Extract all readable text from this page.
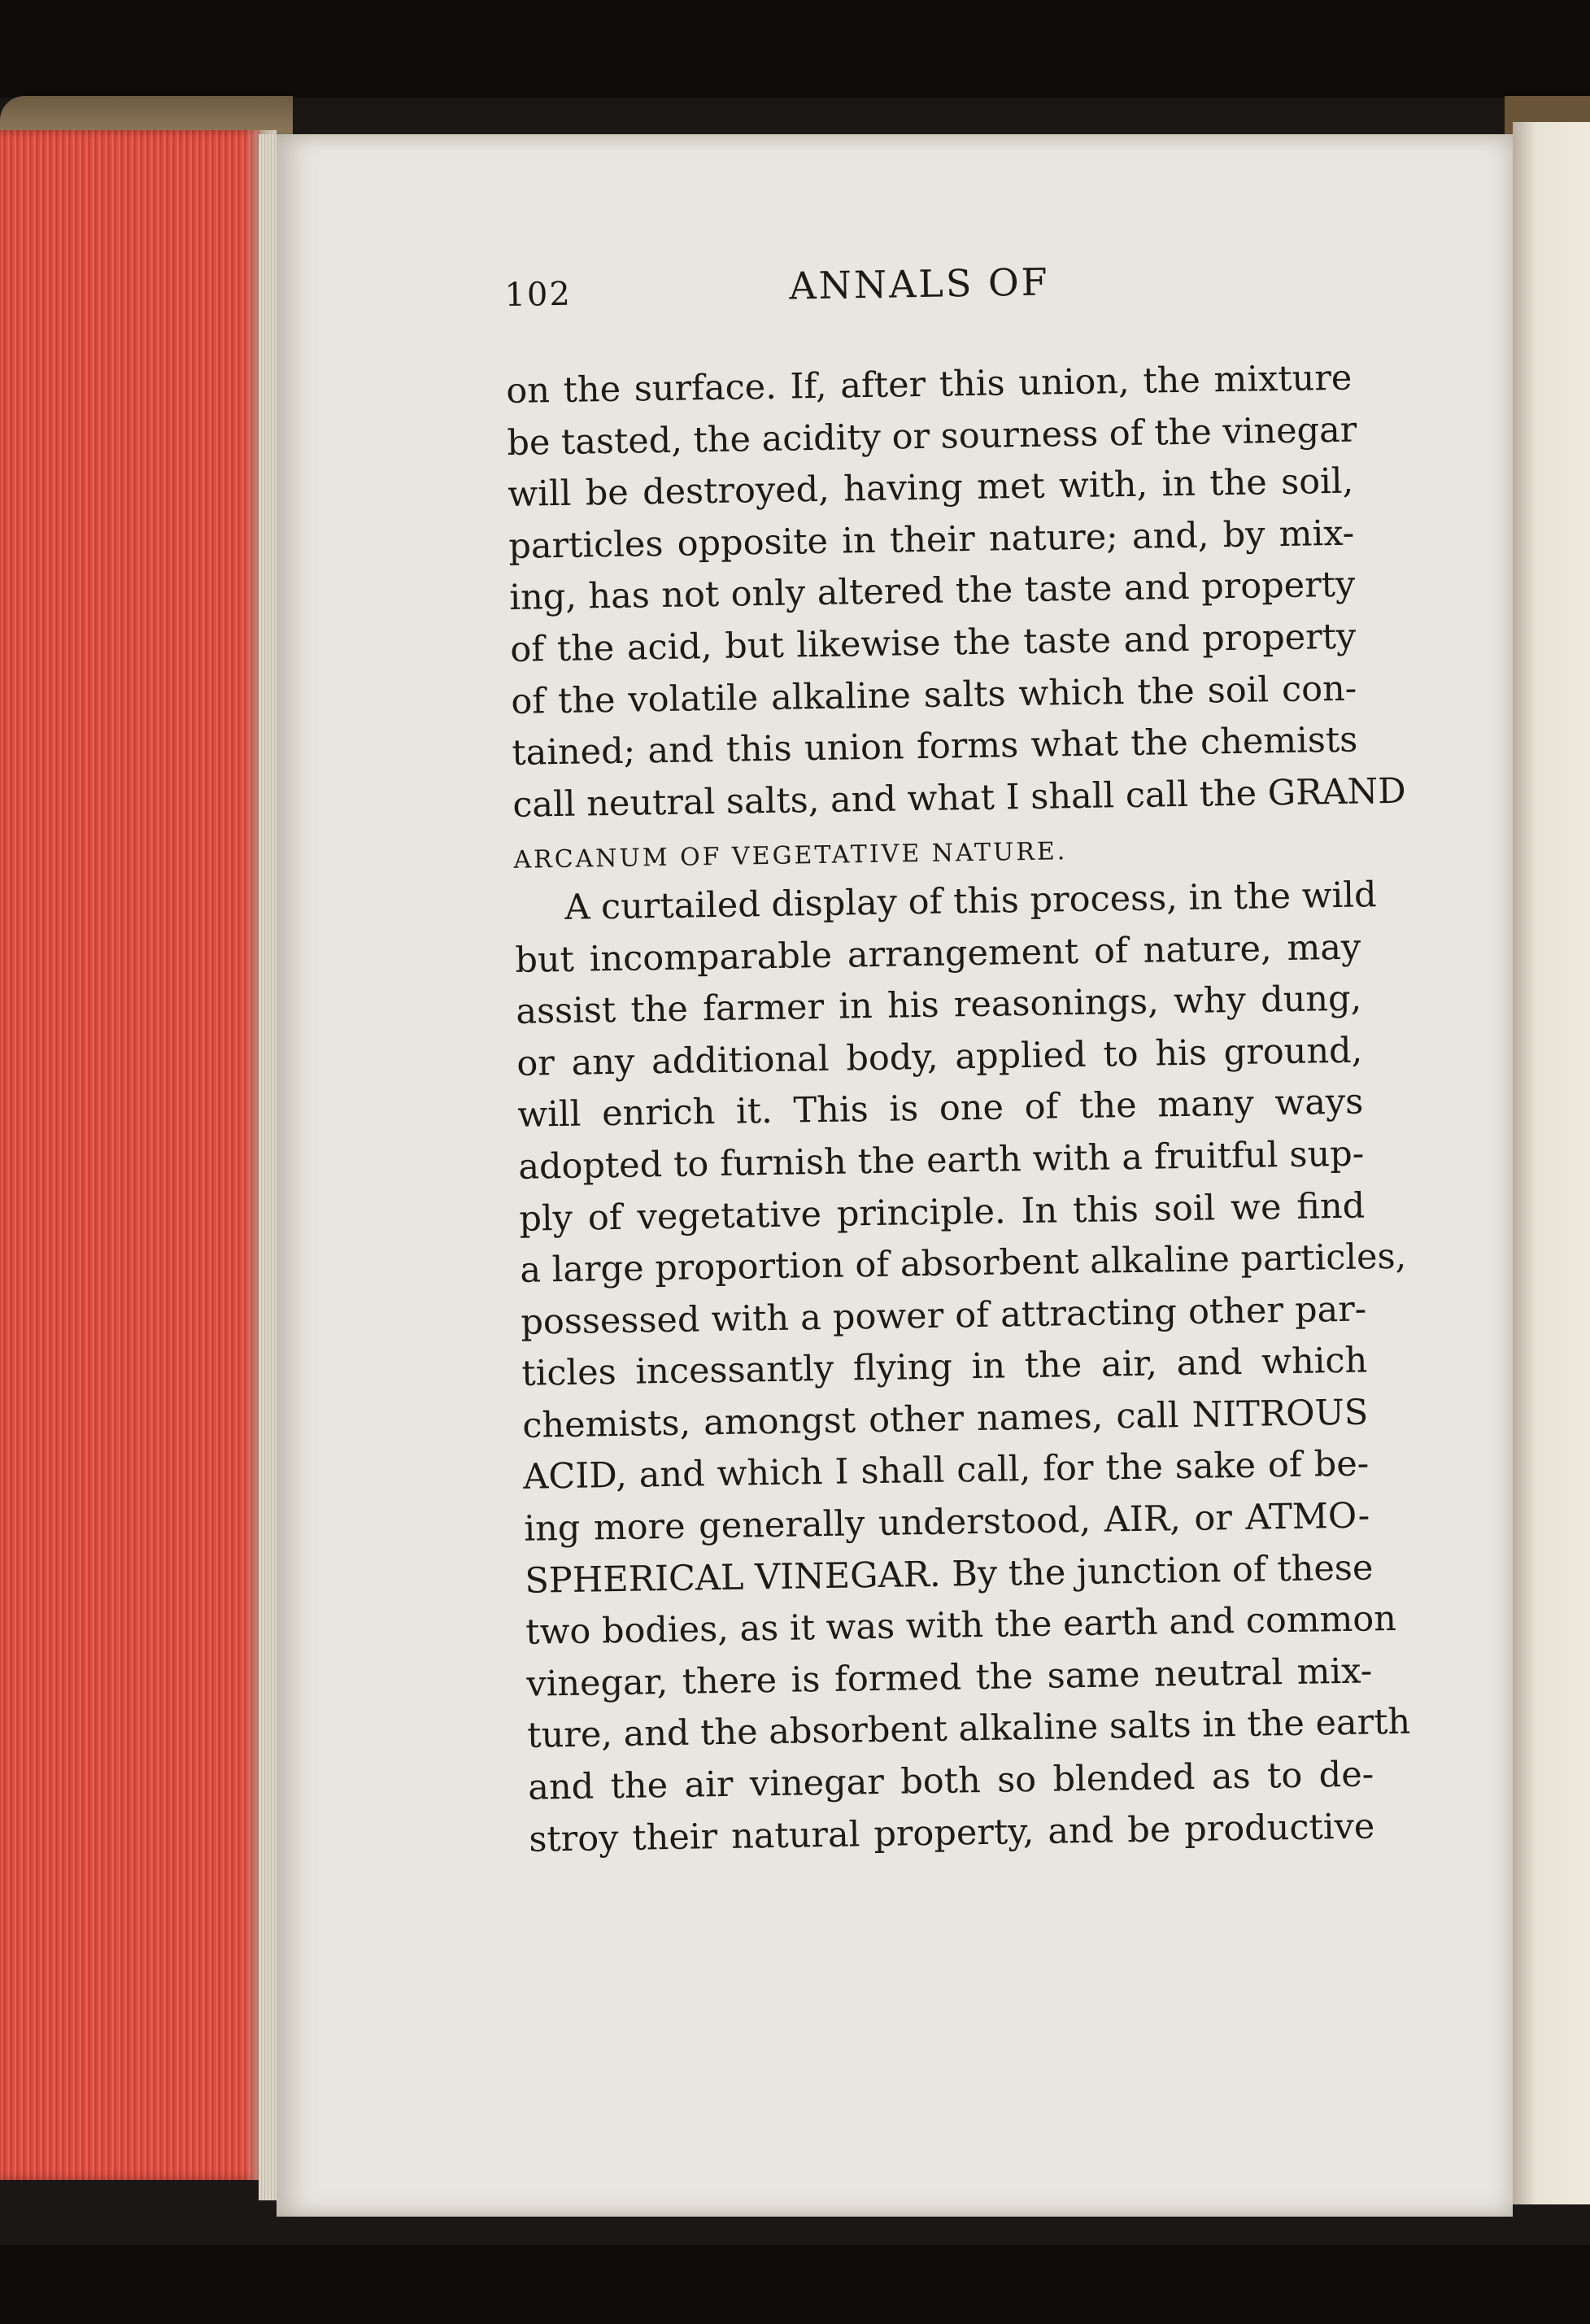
102	ANNALS OF
on the surface. If, after this union, the mixture
be tasted, the acidity or sourness of the vinegar
will be destroyed, having met with, in the soil,
particles opposite in their nature; and, by mix-
ing, has not only altered the taste and property
of the acid, but likewise the taste and property
of the volatile alkaline salts which the soil con-
tained; and this union forms what the chemists
call neutral salts, and what I shall call the GRAND
ARCANUM OF VEGETATIVE NATURE.
A curtailed display of this process, in the wild
but incomparable arrangement of nature, may
assist the farmer in his reasonings, why dung,
or any additional body, applied to his ground,
will enrich it. This is one of the many ways
adopted to furnish the earth with a fruitful sup-
ply of vegetative principle. In this soil we find
a large proportion of absorbent alkaline particles,
possessed with a power of attracting other par-
ticles incessantly flying in the air, and which
chemists, amongst other names, call NITROUS
ACID, and which I shall call, for the sake of be-
ing more generally understood, AIR, or ATMO-
SPHERICAL VINEGAR. By the junction of these
two bodies, as it was with the earth and common
vinegar, there is formed the same neutral mix-
ture, and the absorbent alkaline salts in the earth
and the air vinegar both so blended as to de-
stroy their natural property, and be productive
